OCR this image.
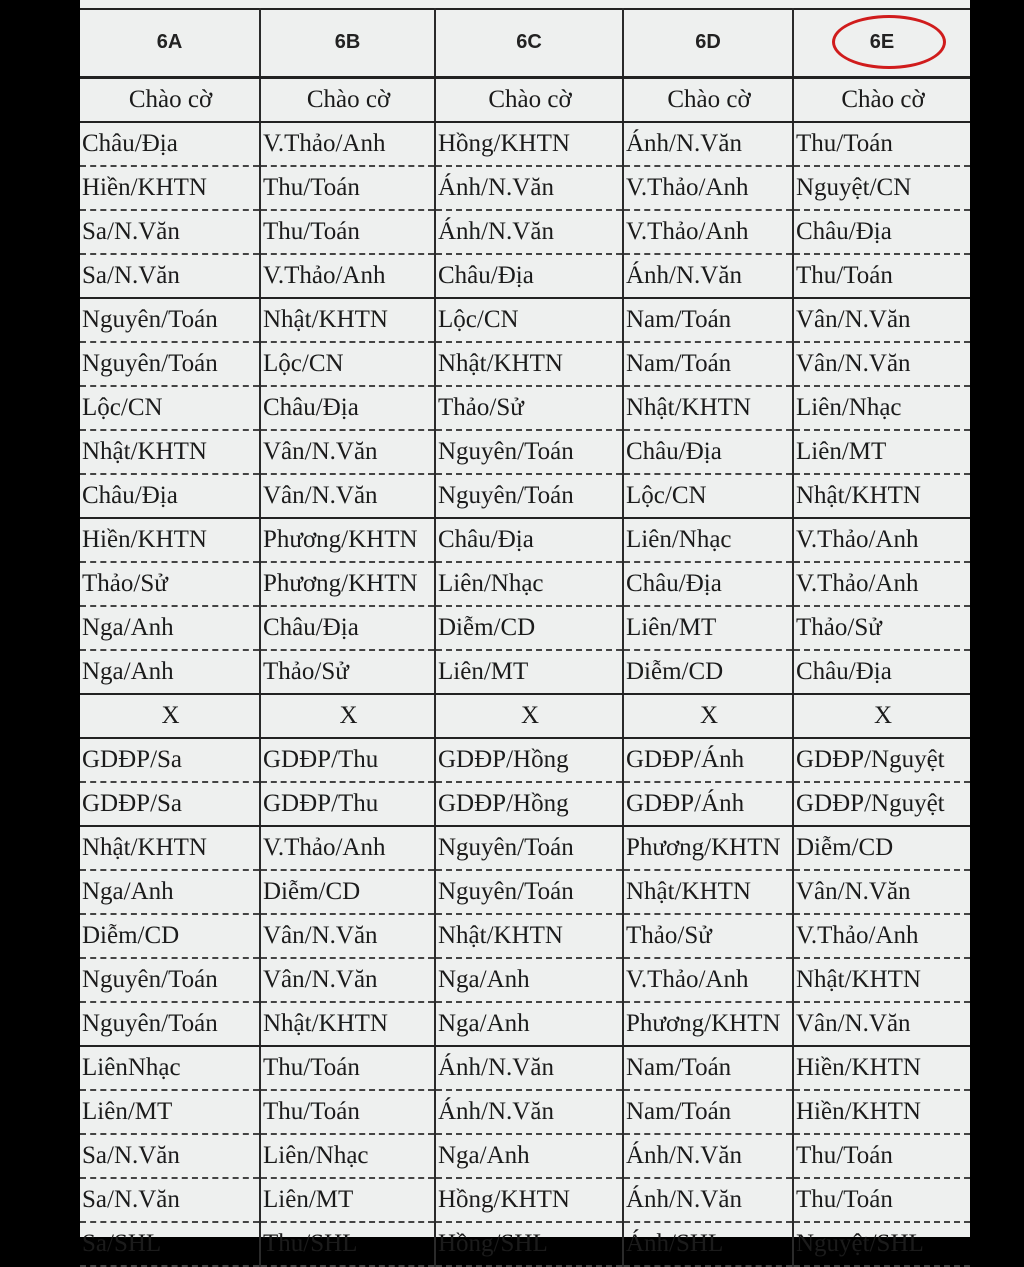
6A	6B	6C	6D	6E
Chào cờ	Chào cờ	Chào cờ	Chào cờ	Chào cờ
Châu/Địa	V.Thảo/Anh	Hồng/KHTN	Ánh/N.Văn	Thu/Toán
Hiền/KHTN	Thu/Toán	Ánh/N.Văn	V.Thảo/Anh	Nguyệt/CN
Sa/N.Văn	Thu/Toán	Ánh/N.Văn	V.Thảo/Anh	Châu/Địa
Sa/N.Văn	V.Thảo/Anh	Châu/Địa	Ánh/N.Văn	Thu/Toán
Nguyên/Toán	Nhật/KHTN	Lộc/CN	Nam/Toán	Vân/N.Văn
Nguyên/Toán	Lộc/CN	Nhật/KHTN	Nam/Toán	Vân/N.Văn
Lộc/CN	Châu/Địa	Thảo/Sử	Nhật/KHTN	Liên/Nhạc
Nhật/KHTN	Vân/N.Văn	Nguyên/Toán	Châu/Địa	Liên/MT
Châu/Địa	Vân/N.Văn	Nguyên/Toán	Lộc/CN	Nhật/KHTN
Hiền/KHTN	Phương/KHTN	Châu/Địa	Liên/Nhạc	V.Thảo/Anh
Thảo/Sử	Phương/KHTN	Liên/Nhạc	Châu/Địa	V.Thảo/Anh
Nga/Anh	Châu/Địa	Diễm/CD	Liên/MT	Thảo/Sử
Nga/Anh	Thảo/Sử	Liên/MT	Diễm/CD	Châu/Địa
X	X	X	X	X
GDĐP/Sa	GDĐP/Thu	GDĐP/Hồng	GDĐP/Ánh	GDĐP/Nguyệt
GDĐP/Sa	GDĐP/Thu	GDĐP/Hồng	GDĐP/Ánh	GDĐP/Nguyệt
Nhật/KHTN	V.Thảo/Anh	Nguyên/Toán	Phương/KHTN	Diễm/CD
Nga/Anh	Diễm/CD	Nguyên/Toán	Nhật/KHTN	Vân/N.Văn
Diễm/CD	Vân/N.Văn	Nhật/KHTN	Thảo/Sử	V.Thảo/Anh
Nguyên/Toán	Vân/N.Văn	Nga/Anh	V.Thảo/Anh	Nhật/KHTN
Nguyên/Toán	Nhật/KHTN	Nga/Anh	Phương/KHTN	Vân/N.Văn
LiênNhạc	Thu/Toán	Ánh/N.Văn	Nam/Toán	Hiền/KHTN
Liên/MT	Thu/Toán	Ánh/N.Văn	Nam/Toán	Hiền/KHTN
Sa/N.Văn	Liên/Nhạc	Nga/Anh	Ánh/N.Văn	Thu/Toán
Sa/N.Văn	Liên/MT	Hồng/KHTN	Ánh/N.Văn	Thu/Toán
Sa/SHL	Thu/SHL	Hồng/SHL	Ánh/SHL	Nguyệt/SHL
